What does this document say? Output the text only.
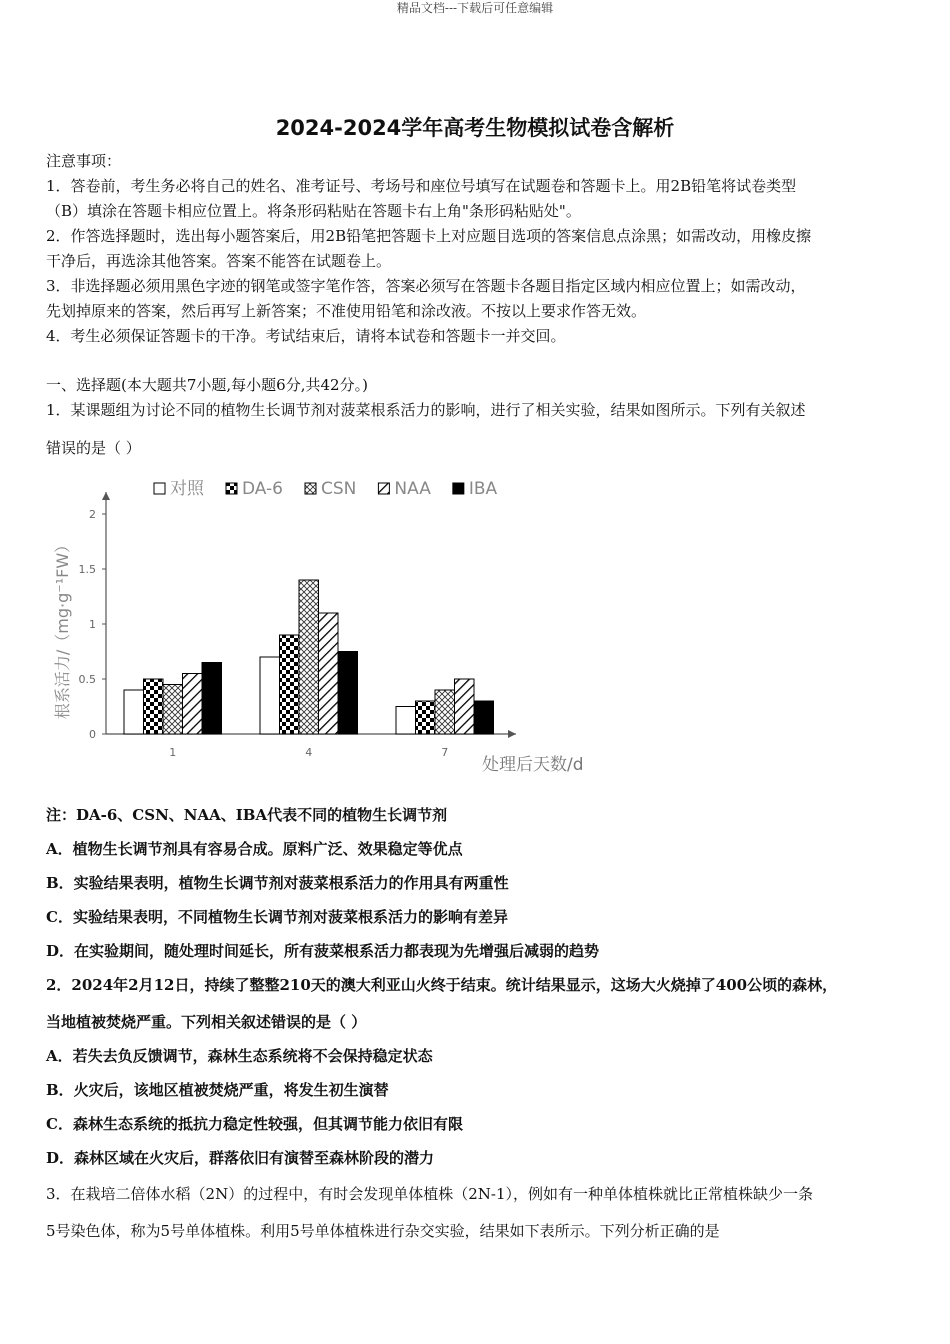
精品文档---下载后可任意编辑
2024-2024学年高考生物模拟试卷含解析
注意事项：
1．答卷前，考生务必将自己的姓名、准考证号、考场号和座位号填写在试题卷和答题卡上。用2B铅笔将试卷类型
（B）填涂在答题卡相应位置上。将条形码粘贴在答题卡右上角"条形码粘贴处"。
2．作答选择题时，选出每小题答案后，用2B铅笔把答题卡上对应题目选项的答案信息点涂黑；如需改动，用橡皮擦
干净后，再选涂其他答案。答案不能答在试题卷上。
3．非选择题必须用黑色字迹的钢笔或签字笔作答，答案必须写在答题卡各题目指定区域内相应位置上；如需改动，
先划掉原来的答案，然后再写上新答案；不准使用铅笔和涂改液。不按以上要求作答无效。
4．考生必须保证答题卡的干净。考试结束后，请将本试卷和答题卡一并交回。
一、选择题(本大题共7小题,每小题6分,共42分。)
1．某课题组为讨论不同的植物生长调节剂对菠菜根系活力的影响，进行了相关实验，结果如图所示。下列有关叙述
错误的是（ ）
0
0.5
1
1.5
2
1	4	7
对照 DA-6 CSN NAA IBA
根系活力/（mg·g⁻¹FW）
处理后天数/d
注：DA-6、CSN、NAA、IBA代表不同的植物生长调节剂
A．植物生长调节剂具有容易合成。原料广泛、效果稳定等优点
B．实验结果表明，植物生长调节剂对菠菜根系活力的作用具有两重性
C．实验结果表明，不同植物生长调节剂对菠菜根系活力的影响有差异
D．在实验期间，随处理时间延长，所有菠菜根系活力都表现为先增强后减弱的趋势
2．2024年2月12日，持续了整整210天的澳大利亚山火终于结束。统计结果显示，这场大火烧掉了400公顷的森林，
当地植被焚烧严重。下列相关叙述错误的是（ ）
A．若失去负反馈调节，森林生态系统将不会保持稳定状态
B．火灾后，该地区植被焚烧严重，将发生初生演替
C．森林生态系统的抵抗力稳定性较强，但其调节能力依旧有限
D．森林区域在火灾后，群落依旧有演替至森林阶段的潜力
3．在栽培二倍体水稻（2N）的过程中，有时会发现单体植株（2N-1），例如有一种单体植株就比正常植株缺少一条
5号染色体，称为5号单体植株。利用5号单体植株进行杂交实验，结果如下表所示。下列分析正确的是
